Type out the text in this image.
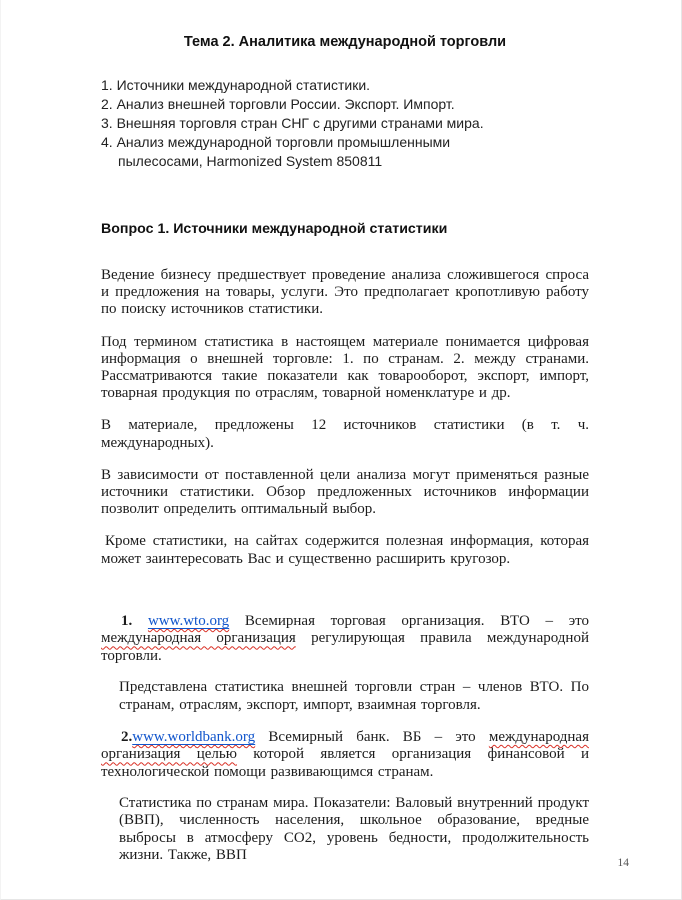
Тема 2. Аналитика международной торговли
1. Источники международной статистики.
2. Анализ внешней торговли России. Экспорт. Импорт.
3. Внешняя торговля стран СНГ с другими странами мира.
4. Анализ международной торговли промышленными
пылесосами, Harmonized System 850811
Вопрос 1. Источники международной статистики

Ведение бизнесу предшествует проведение анализа сложившегося спроса и предложения на товары, услуги. Это предполагает кропотливую работу по поиску источников статистики.

Под термином статистика в настоящем материале понимается цифровая информация о внешней торговле: 1. по странам. 2. между странами. Рассматриваются такие показатели как товарооборот, экспорт, импорт, товарная продукция по отраслям, товарной номенклатуре и др.

В материале, предложены 12 источников статистики (в т. ч. международных).

В зависимости от поставленной цели анализа могут применяться разные источники статистики. Обзор предложенных источников информации позволит определить оптимальный выбор.

Кроме статистики, на сайтах содержится полезная информация, которая может заинтересовать Вас и существенно расширить кругозор.

1. www.wto.org Всемирная торговая организация. ВТО – это международная организация регулирующая правила международной торговли.

Представлена статистика внешней торговли стран – членов ВТО. По странам, отраслям, экспорт, импорт, взаимная торговля.

2.www.worldbank.org Всемирный банк. ВБ – это международная организация целью которой является организация финансовой и технологической помощи развивающимся странам.

Статистика по странам мира. Показатели: Валовый внутренний продукт (ВВП), численность населения, школьное образование, вредные выбросы в атмосферу СО2, уровень бедности, продолжительность жизни. Также, ВВП

14
